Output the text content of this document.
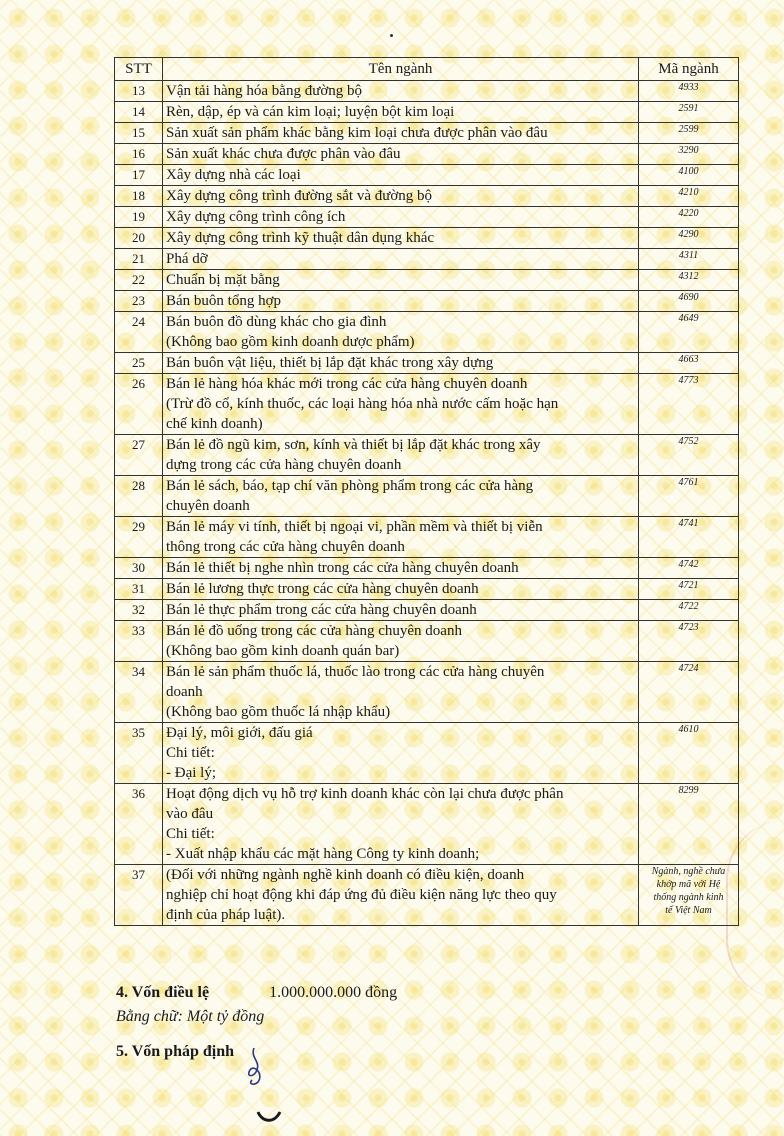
STT	Tên ngành	Mã ngành
13	Vận tải hàng hóa bằng đường bộ	4933
14	Rèn, dập, ép và cán kim loại; luyện bột kim loại	2591
15	Sản xuất sản phẩm khác bằng kim loại chưa được phân vào đâu	2599
16	Sản xuất khác chưa được phân vào đâu	3290
17	Xây dựng nhà các loại	4100
18	Xây dựng công trình đường sắt và đường bộ	4210
19	Xây dựng công trình công ích	4220
20	Xây dựng công trình kỹ thuật dân dụng khác	4290
21	Phá dỡ	4311
22	Chuẩn bị mặt bằng	4312
23	Bán buôn tổng hợp	4690
24	Bán buôn đồ dùng khác cho gia đình
(Không bao gồm kinh doanh dược phẩm)	4649
25	Bán buôn vật liệu, thiết bị lắp đặt khác trong xây dựng	4663
26	Bán lẻ hàng hóa khác mới trong các cửa hàng chuyên doanh
(Trừ đồ cổ, kính thuốc, các loại hàng hóa nhà nước cấm hoặc hạn
chế kinh doanh)	4773
27	Bán lẻ đồ ngũ kim, sơn, kính và thiết bị lắp đặt khác trong xây
dựng trong các cửa hàng chuyên doanh	4752
28	Bán lẻ sách, báo, tạp chí văn phòng phẩm trong các cửa hàng
chuyên doanh	4761
29	Bán lẻ máy vi tính, thiết bị ngoại vi, phần mềm và thiết bị viễn
thông trong các cửa hàng chuyên doanh	4741
30	Bán lẻ thiết bị nghe nhìn trong các cửa hàng chuyên doanh	4742
31	Bán lẻ lương thực trong các cửa hàng chuyên doanh	4721
32	Bán lẻ thực phẩm trong các cửa hàng chuyên doanh	4722
33	Bán lẻ đồ uống trong các cửa hàng chuyên doanh
(Không bao gồm kinh doanh quán bar)	4723
34	Bán lẻ sản phẩm thuốc lá, thuốc lào trong các cửa hàng chuyên
doanh
(Không bao gồm thuốc lá nhập khẩu)	4724
35	Đại lý, môi giới, đấu giá
Chi tiết:
- Đại lý;	4610
36	Hoạt động dịch vụ hỗ trợ kinh doanh khác còn lại chưa được phân
vào đâu
Chi tiết:
- Xuất nhập khẩu các mặt hàng Công ty kinh doanh;	8299
37	(Đối với những ngành nghề kinh doanh có điều kiện, doanh
nghiệp chỉ hoạt động khi đáp ứng đủ điều kiện năng lực theo quy
định của pháp luật).	Ngành, nghề chưa
khớp mã với Hệ
thống ngành kinh
tế Việt Nam
4. Vốn điều lệ	1.000.000.000 đồng
Bằng chữ: Một tỷ đồng
5. Vốn pháp định
